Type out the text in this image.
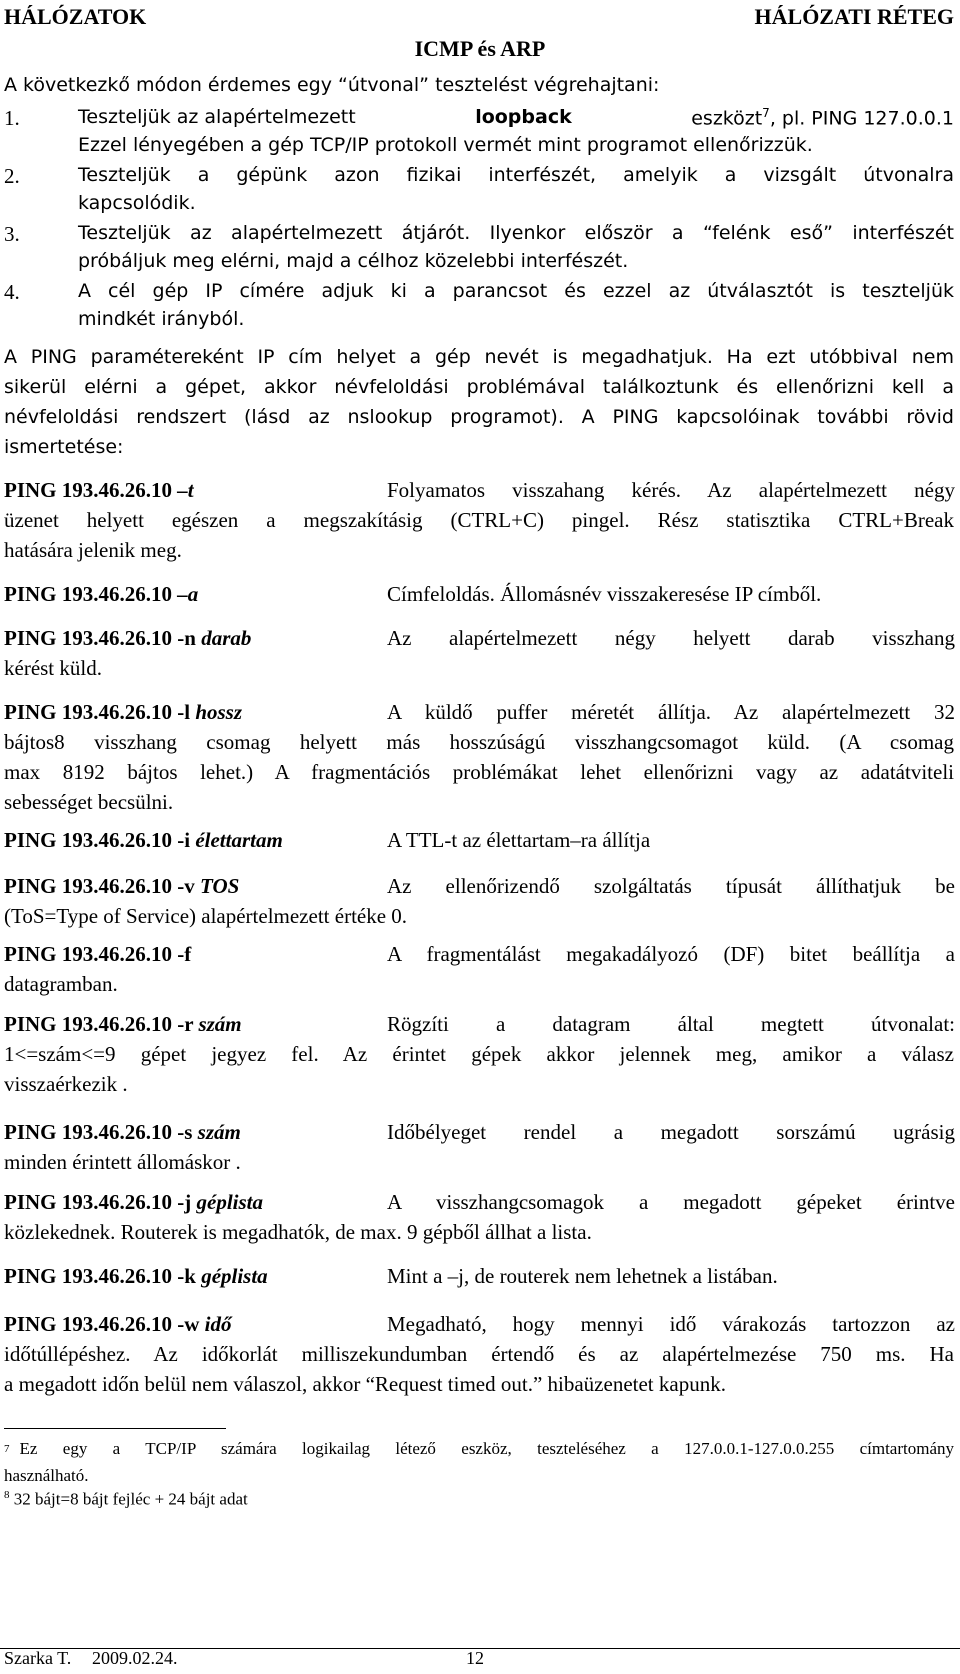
HÁLÓZATOK	HÁLÓZATI RÉTEG
ICMP és ARP
A következkő módon érdemes egy “útvonal” tesztelést végrehajtani:
1.	Teszteljük az alapértelmezett	loopback	eszközt$^7$, pl. PING 127.0.0.1
Ezzel lényegében a gép TCP/IP protokoll vermét mint programot ellenőrizzük.
2.	Teszteljük a gépünk azon fizikai interfészét, amelyik a vizsgált útvonalra
kapcsolódik.
3.	Teszteljük az alapértelmezett átjárót. Ilyenkor először a “felénk eső” interfészét
próbáljuk meg elérni, majd a célhoz közelebbi interfészét.
4.	A cél gép IP címére adjuk ki a parancsot és ezzel az útválasztót is teszteljük
mindkét irányból.
A PING paramétereként IP cím helyet a gép nevét is megadhatjuk. Ha ezt utóbbival nem
sikerül elérni a gépet, akkor névfeloldási problémával találkoztunk és ellenőrizni kell a
névfeloldási rendszert (lásd az nslookup programot). A PING kapcsolóinak további rövid
ismertetése:
PING 193.46.26.10 –t	Folyamatos visszahang kérés. Az alapértelmezett négy
üzenet helyett egészen a megszakításig (CTRL+C) pingel. Rész statisztika CTRL+Break
hatására jelenik meg.
PING 193.46.26.10 –a	Címfeloldás. Állomásnév visszakeresése IP címből.
PING 193.46.26.10 -n darab	Az alapértelmezett négy helyett darab visszhang
kérést küld.
PING 193.46.26.10 -l hossz	A küldő puffer méretét állítja. Az alapértelmezett 32
bájtos8 visszhang csomag helyett más hosszúságú visszhangcsomagot küld. (A csomag
max 8192 bájtos lehet.) A fragmentációs problémákat lehet ellenőrizni vagy az adatátviteli
sebességet becsülni.
PING 193.46.26.10 -i élettartam	A TTL-t az élettartam–ra állítja
PING 193.46.26.10 -v TOS	Az ellenőrizendő szolgáltatás típusát állíthatjuk be
(ToS=Type of Service) alapértelmezett értéke 0.
PING 193.46.26.10 -f	A fragmentálást megakadályozó (DF) bitet beállítja a
datagramban.
PING 193.46.26.10 -r szám	Rögzíti a datagram által megtett útvonalat:
1<=szám<=9 gépet jegyez fel. Az érintet gépek akkor jelennek meg, amikor a válasz
visszaérkezik .
PING 193.46.26.10 -s szám	Időbélyeget rendel a megadott sorszámú ugrásig
minden érintett állomáskor .
PING 193.46.26.10 -j géplista	A visszhangcsomagok a megadott gépeket érintve
közlekednek. Routerek is megadhatók, de max. 9 gépből állhat a lista.
PING 193.46.26.10 -k géplista	Mint a –j, de routerek nem lehetnek a listában.
PING 193.46.26.10 -w idő	Megadható, hogy mennyi idő várakozás tartozzon az
időtúllépéshez. Az időkorlát milliszekundumban értendő és az alapértelmezése 750 ms. Ha
a megadott időn belül nem válaszol, akkor “Request timed out.” hibaüzenetet kapunk.
$^7$ Ez egy a TCP/IP számára logikailag létező eszköz, teszteléséhez a 127.0.0.1-127.0.0.255 címtartomány
használható.
$^8$ 32 bájt=8 bájt fejléc + 24 bájt adat
Szarka T. 2009.02.24.	12
